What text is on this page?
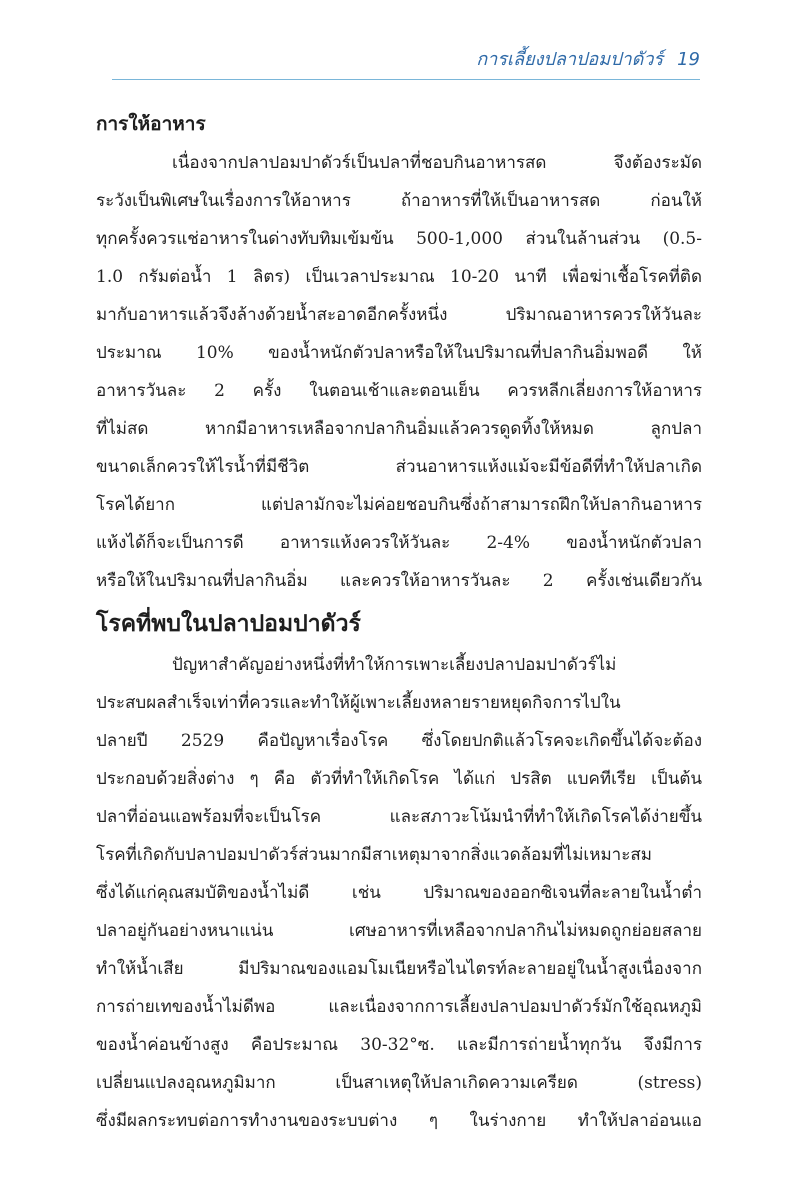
การเลี้ยงปลาปอมปาดัวร์ 19
การให้อาหาร
เนื่องจากปลาปอมปาดัวร์เป็นปลาที่ชอบกินอาหารสด จึงต้องระมัด
ระวังเป็นพิเศษในเรื่องการให้อาหาร ถ้าอาหารที่ให้เป็นอาหารสด ก่อนให้
ทุกครั้งควรแช่อาหารในด่างทับทิมเข้มข้น 500-1,000 ส่วนในล้านส่วน (0.5-
1.0 กรัมต่อน้ำ 1 ลิตร) เป็นเวลาประมาณ 10-20 นาที เพื่อฆ่าเชื้อโรคที่ติด
มากับอาหารแล้วจึงล้างด้วยน้ำสะอาดอีกครั้งหนึ่ง ปริมาณอาหารควรให้วันละ
ประมาณ 10% ของน้ำหนักตัวปลาหรือให้ในปริมาณที่ปลากินอิ่มพอดี ให้
อาหารวันละ 2 ครั้ง ในตอนเช้าและตอนเย็น ควรหลีกเลี่ยงการให้อาหาร
ที่ไม่สด หากมีอาหารเหลือจากปลากินอิ่มแล้วควรดูดทิ้งให้หมด ลูกปลา
ขนาดเล็กควรให้ไรน้ำที่มีชีวิต ส่วนอาหารแห้งแม้จะมีข้อดีที่ทำให้ปลาเกิด
โรคได้ยาก แต่ปลามักจะไม่ค่อยชอบกินซึ่งถ้าสามารถฝึกให้ปลากินอาหาร
แห้งได้ก็จะเป็นการดี อาหารแห้งควรให้วันละ 2-4% ของน้ำหนักตัวปลา
หรือให้ในปริมาณที่ปลากินอิ่ม และควรให้อาหารวันละ 2 ครั้งเช่นเดียวกัน
โรคที่พบในปลาปอมปาดัวร์
ปัญหาสำคัญอย่างหนึ่งที่ทำให้การเพาะเลี้ยงปลาปอมปาดัวร์ไม่
ประสบผลสำเร็จเท่าที่ควรและทำให้ผู้เพาะเลี้ยงหลายรายหยุดกิจการไปใน
ปลายปี 2529 คือปัญหาเรื่องโรค ซึ่งโดยปกติแล้วโรคจะเกิดขึ้นได้จะต้อง
ประกอบด้วยสิ่งต่าง ๆ คือ ตัวที่ทำให้เกิดโรค ได้แก่ ปรสิต แบคทีเรีย เป็นต้น
ปลาที่อ่อนแอพร้อมที่จะเป็นโรค และสภาวะโน้มนำที่ทำให้เกิดโรคได้ง่ายขึ้น
โรคที่เกิดกับปลาปอมปาดัวร์ส่วนมากมีสาเหตุมาจากสิ่งแวดล้อมที่ไม่เหมาะสม
ซึ่งได้แก่คุณสมบัติของน้ำไม่ดี เช่น ปริมาณของออกซิเจนที่ละลายในน้ำต่ำ
ปลาอยู่กันอย่างหนาแน่น เศษอาหารที่เหลือจากปลากินไม่หมดถูกย่อยสลาย
ทำให้น้ำเสีย มีปริมาณของแอมโมเนียหรือไนไตรท์ละลายอยู่ในน้ำสูงเนื่องจาก
การถ่ายเทของน้ำไม่ดีพอ และเนื่องจากการเลี้ยงปลาปอมปาดัวร์มักใช้อุณหภูมิ
ของน้ำค่อนข้างสูง คือประมาณ 30-32°ซ. และมีการถ่ายน้ำทุกวัน จึงมีการ
เปลี่ยนแปลงอุณหภูมิมาก เป็นสาเหตุให้ปลาเกิดความเครียด (stress)
ซึ่งมีผลกระทบต่อการทำงานของระบบต่าง ๆ ในร่างกาย ทำให้ปลาอ่อนแอ
